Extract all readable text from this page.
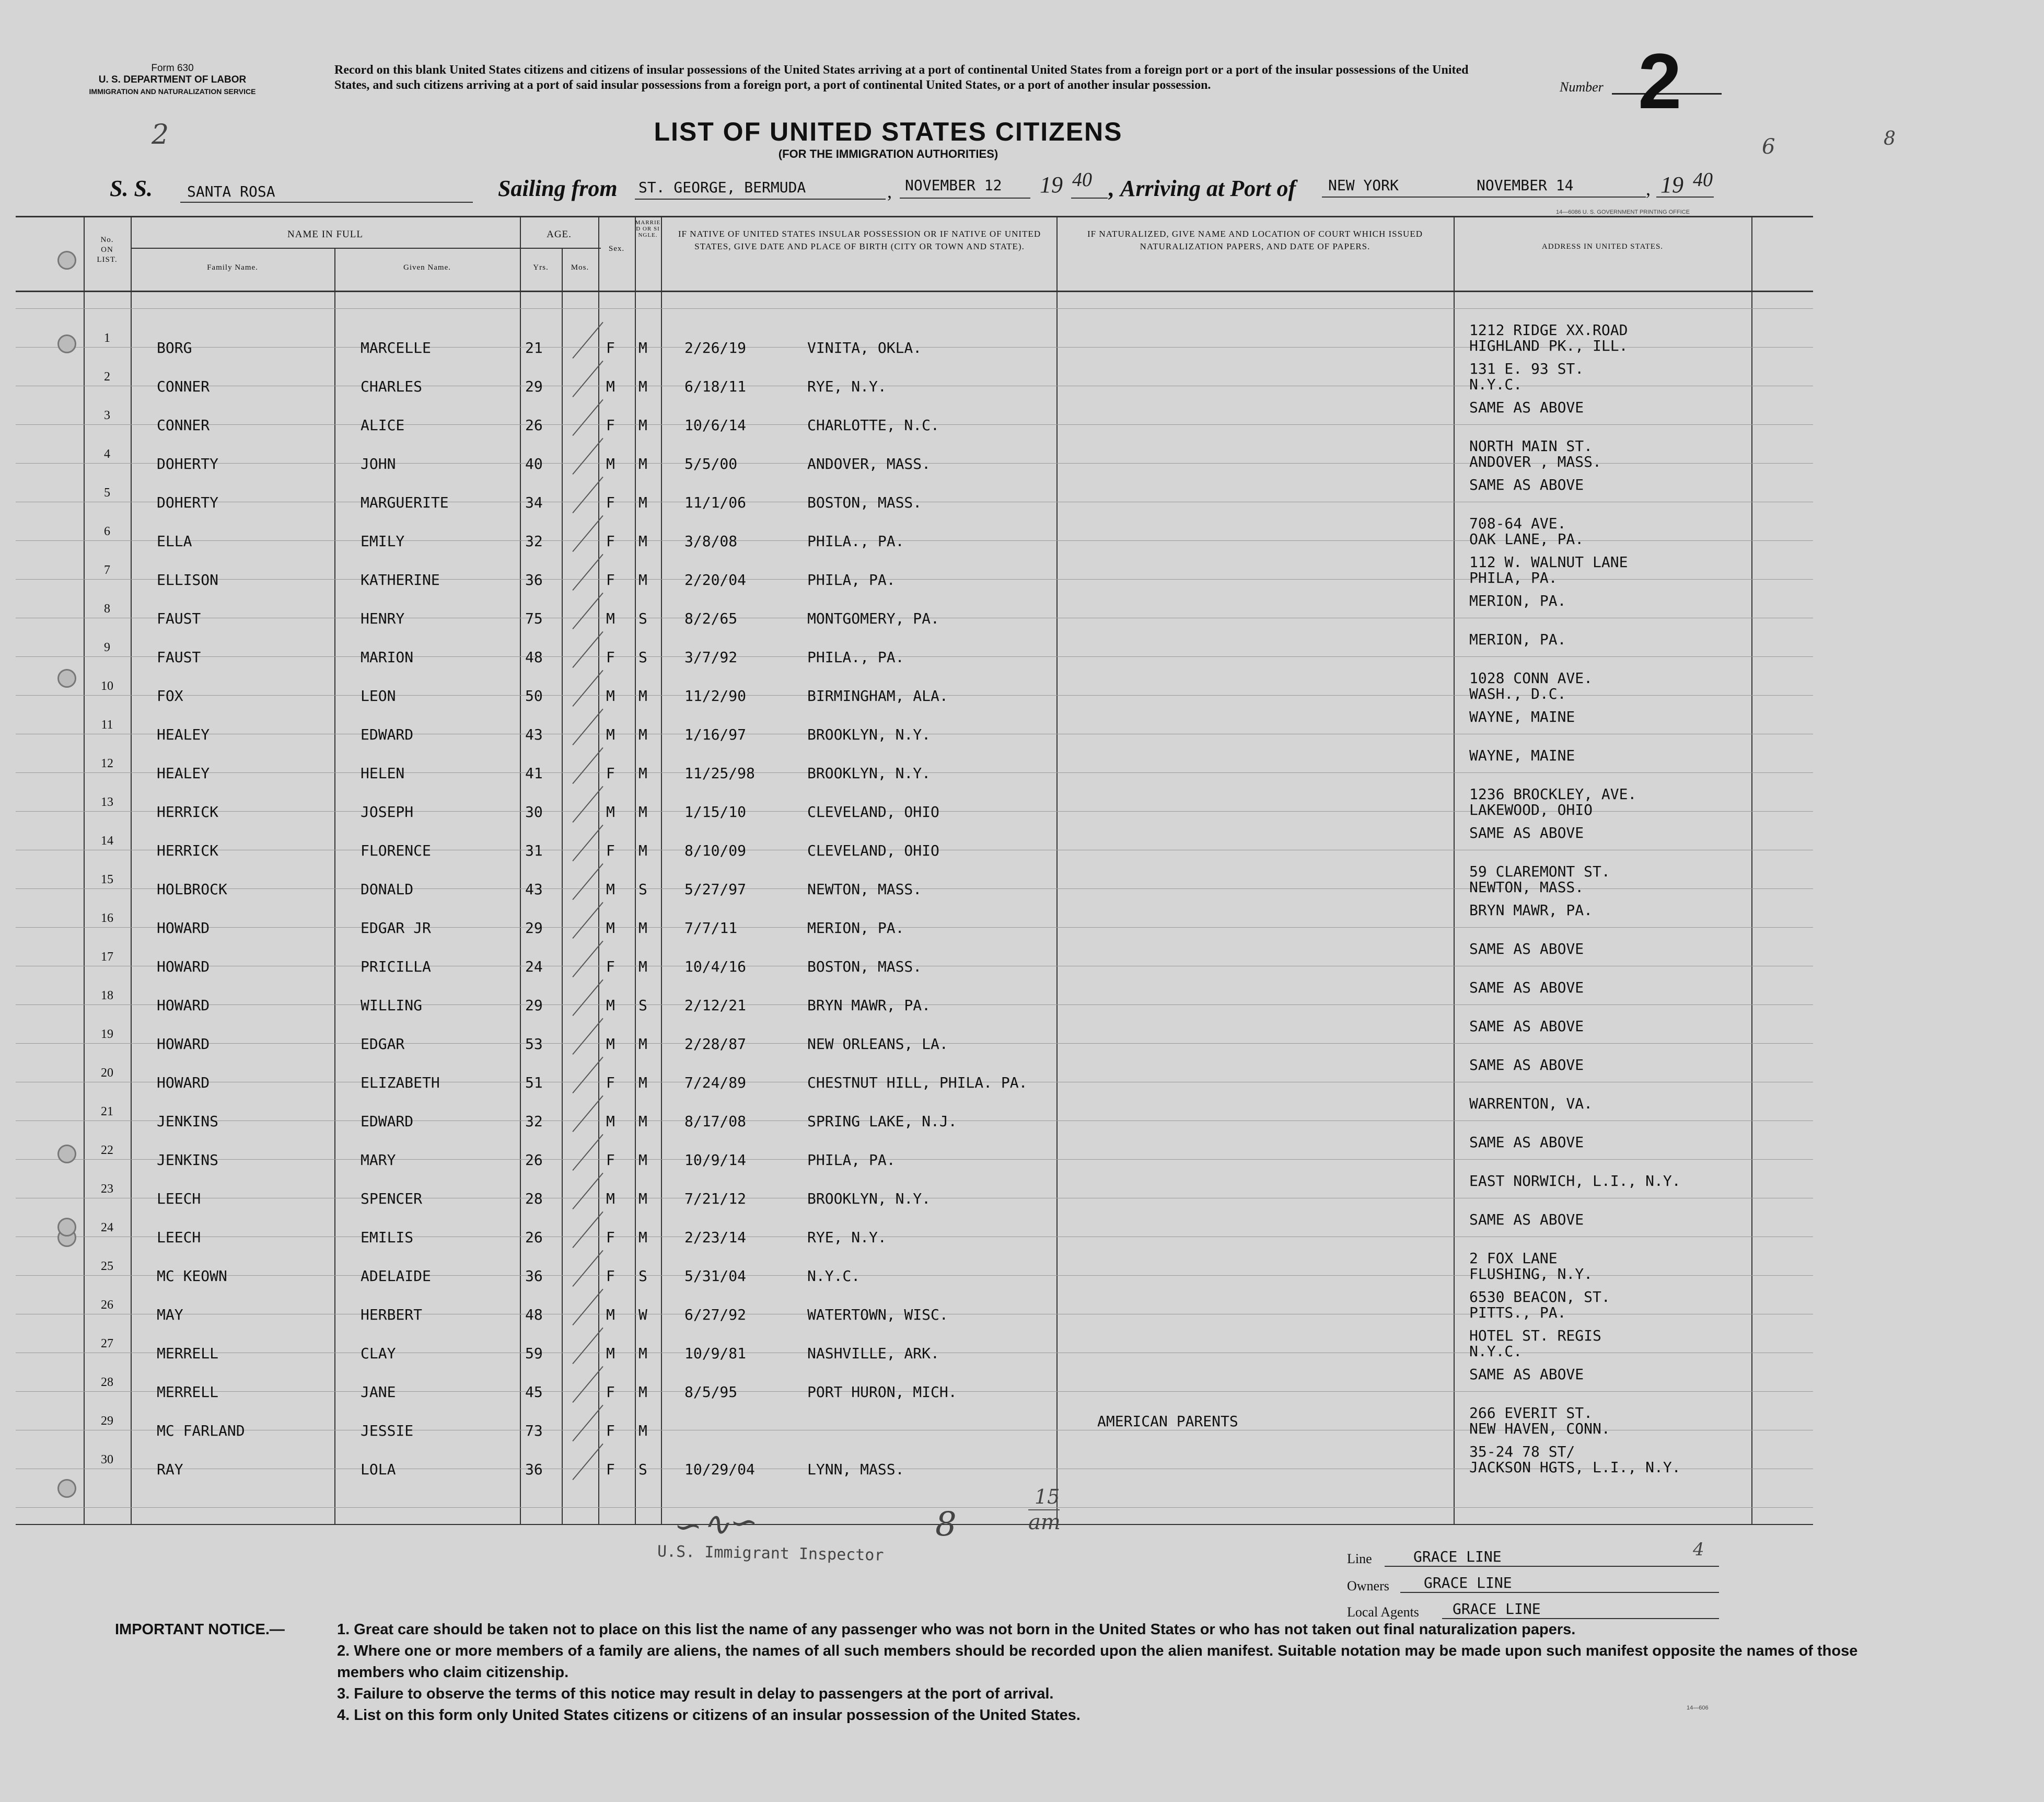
Form 630
U. S. DEPARTMENT OF LABOR
IMMIGRATION AND NATURALIZATION SERVICE
Record on this blank United States citizens and citizens of insular possessions of the United States arriving at a port of continental United States from a foreign port or a port of the insular possessions of the United States, and such citizens arriving at a port of said insular possessions from a foreign port, a port of continental United States, or a port of another insular possession.	Number 2
2	6	8
LIST OF UNITED STATES CITIZENS
(FOR THE IMMIGRATION AUTHORITIES)
S. S. SANTA ROSA	Sailing from ST. GEORGE, BERMUDA	, NOVEMBER 12 19 40 , Arriving at Port of NEW YORK	NOVEMBER 14	, 19 40
14—6086 U. S. GOVERNMENT PRINTING OFFICE
No.
ON
LIST.
NAME IN FULL
Family Name.	Given Name.
AGE.
Yrs.	Mos.
Sex.
MARRIED OR SINGLE.	IF NATIVE OF UNITED STATES INSULAR POSSESSION OR IF NATIVE OF UNITED STATES, GIVE DATE AND PLACE OF BIRTH (CITY OR TOWN AND STATE).
IF NATURALIZED, GIVE NAME AND LOCATION OF COURT WHICH ISSUED NATURALIZATION PAPERS, AND DATE OF PAPERS.	ADDRESS IN UNITED STATES.
1
BORG	MARCELLE	21	F M	2/26/19	VINITA, OKLA.
1212 RIDGE XX.ROAD
HIGHLAND PK., ILL.
2
CONNER	CHARLES	29	M M	6/18/11	RYE, N.Y.
131 E. 93 ST.
N.Y.C.
3
CONNER	ALICE	26	F M	10/6/14	CHARLOTTE, N.C.
SAME AS ABOVE
4
DOHERTY	JOHN	40	M M	5/5/00	ANDOVER, MASS.
NORTH MAIN ST.
ANDOVER , MASS.
5
DOHERTY	MARGUERITE	34	F M	11/1/06	BOSTON, MASS.
SAME AS ABOVE
6
ELLA	EMILY	32	F M	3/8/08	PHILA., PA.
708-64 AVE.
OAK LANE, PA.
7
ELLISON	KATHERINE	36	F M	2/20/04	PHILA, PA.
112 W. WALNUT LANE
PHILA, PA.
8
FAUST	HENRY	75	M S	8/2/65	MONTGOMERY, PA.
MERION, PA.
9
FAUST	MARION	48	F S	3/7/92	PHILA., PA.
MERION, PA.
10
FOX	LEON	50	M M	11/2/90	BIRMINGHAM, ALA.
1028 CONN AVE.
WASH., D.C.
11
HEALEY	EDWARD	43	M M	1/16/97	BROOKLYN, N.Y.
WAYNE, MAINE
12
HEALEY	HELEN	41	F M	11/25/98	BROOKLYN, N.Y.
WAYNE, MAINE
13
HERRICK	JOSEPH	30	M M	1/15/10	CLEVELAND, OHIO
1236 BROCKLEY, AVE.
LAKEWOOD, OHIO
14
HERRICK	FLORENCE	31	F M	8/10/09	CLEVELAND, OHIO
SAME AS ABOVE
15
HOLBROCK	DONALD	43	M S	5/27/97	NEWTON, MASS.
59 CLAREMONT ST.
NEWTON, MASS.
16
HOWARD	EDGAR JR	29	M M	7/7/11	MERION, PA.
BRYN MAWR, PA.
17
HOWARD	PRICILLA	24	F M	10/4/16	BOSTON, MASS.
SAME AS ABOVE
18
HOWARD	WILLING	29	M S	2/12/21	BRYN MAWR, PA.
SAME AS ABOVE
19
HOWARD	EDGAR	53	M M	2/28/87	NEW ORLEANS, LA.
SAME AS ABOVE
20
HOWARD	ELIZABETH	51	F M	7/24/89	CHESTNUT HILL, PHILA. PA.
SAME AS ABOVE
21
JENKINS	EDWARD	32	M M	8/17/08	SPRING LAKE, N.J.
WARRENTON, VA.
22
JENKINS	MARY	26	F M	10/9/14	PHILA, PA.
SAME AS ABOVE
23
LEECH	SPENCER	28	M M	7/21/12	BROOKLYN, N.Y.
EAST NORWICH, L.I., N.Y.
24
LEECH	EMILIS	26	F M	2/23/14	RYE, N.Y.
SAME AS ABOVE
25
MC KEOWN	ADELAIDE	36	F S	5/31/04	N.Y.C.
2 FOX LANE
FLUSHING, N.Y.
26
MAY	HERBERT	48	M W	6/27/92	WATERTOWN, WISC.
6530 BEACON, ST.
PITTS., PA.
27
MERRELL	CLAY	59	M M	10/9/81	NASHVILLE, ARK.
HOTEL ST. REGIS
N.Y.C.
28
MERRELL	JANE	45	F M	8/5/95	PORT HURON, MICH.
SAME AS ABOVE
29
MC FARLAND	JESSIE	73	F M
AMERICAN PARENTS	266 EVERIT ST.
NEW HAVEN, CONN.
30
RAY	LOLA	36	F S	10/29/04	LYNN, MASS.
35-24 78 ST/
JACKSON HGTS, L.I., N.Y.
∽∿∽	8
15
am
U.S. Immigrant Inspector	Line	GRACE LINE	4
Owners GRACE LINE
Local Agents GRACE LINE
IMPORTANT NOTICE.—	1. Great care should be taken not to place on this list the name of any passenger who was not born in the United States or who has not taken out final naturalization papers.
2. Where one or more members of a family are aliens, the names of all such members should be recorded upon the alien manifest. Suitable notation may be made upon such manifest opposite the names of those members who claim citizenship.
3. Failure to observe the terms of this notice may result in delay to passengers at the port of arrival.
4. List on this form only United States citizens or citizens of an insular possession of the United States.	14—606
